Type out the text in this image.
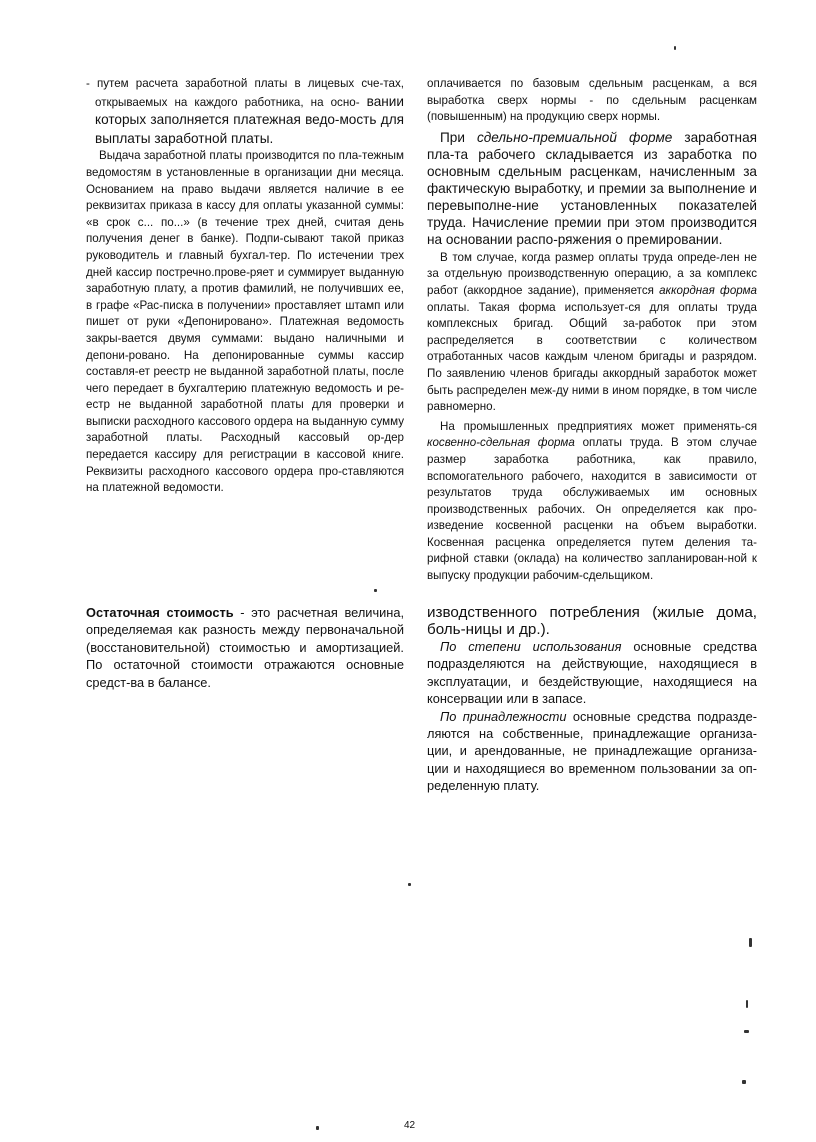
- путем расчета заработной платы в лицевых сче-тах, открываемых на каждого работника, на осно- вании которых заполняется платежная ведо-мость для выплаты заработной платы.

Выдача заработной платы производится по пла-тежным ведомостям в установленные в организации дни месяца. Основанием на право выдачи является наличие в ее реквизитах приказа в кассу для оплаты указанной суммы: «в срок с... по...» (в течение трех дней, считая день получения денег в банке). Подпи-сывают такой приказ руководитель и главный бухгал-тер. По истечении трех дней кассир постречно.прове-ряет и суммирует выданную заработную плату, а против фамилий, не получивших ее, в графе «Рас-писка в получении» проставляет штамп или пишет от руки «Депонировано». Платежная ведомость закры-вается двумя суммами: выдано наличными и депони-ровано. На депонированные суммы кассир составля-ет реестр не выданной заработной платы, после чего передает в бухгалтерию платежную ведомость и ре-естр не выданной заработной платы для проверки и выписки расходного кассового ордера на выданную сумму заработной платы. Расходный кассовый ор-дер передается кассиру для регистрации в кассовой книге. Реквизиты расходного кассового ордера про-ставляются на платежной ведомости.

оплачивается по базовым сдельным расценкам, а вся выработка сверх нормы - по сдельным расценкам (повышенным) на продукцию сверх нормы.

При сдельно-премиальной форме заработная пла-та рабочего складывается из заработка по основным сдельным расценкам, начисленным за фактическую выработку, и премии за выполнение и перевыполне-ние установленных показателей труда. Начисление премии при этом производится на основании распо-ряжения о премировании.

В том случае, когда размер оплаты труда опреде-лен не за отдельную производственную операцию, а за комплекс работ (аккордное задание), применяется аккордная форма оплаты. Такая форма использует-ся для оплаты труда комплексных бригад. Общий за-работок при этом распределяется в соответствии с количеством отработанных часов каждым членом бригады и разрядом. По заявлению членов бригады аккордный заработок может быть распределен меж-ду ними в ином порядке, в том числе равномерно.

На промышленных предприятиях может применять-ся косвенно-сдельная форма оплаты труда. В этом случае размер заработка работника, как правило, вспомогательного рабочего, находится в зависимости от результатов труда обслуживаемых им основных производственных рабочих. Он определяется как про-изведение косвенной расценки на объем выработки. Косвенная расценка определяется путем деления та-рифной ставки (оклада) на количество запланирован-ной к выпуску продукции рабочим-сдельщиком.

Остаточная стоимость - это расчетная величина, определяемая как разность между первоначальной (восстановительной) стоимостью и амортизацией. По остаточной стоимости отражаются основные средст-ва в балансе.

изводственного потребления (жилые дома, боль-ницы и др.).

По степени использования основные средства подразделяются на действующие, находящиеся в эксплуатации, и бездействующие, находящиеся на консервации или в запасе.

По принадлежности основные средства подразде-ляются на собственные, принадлежащие организа-ции, и арендованные, не принадлежащие организа-ции и находящиеся во временном пользовании за оп-ределенную плату.

42
